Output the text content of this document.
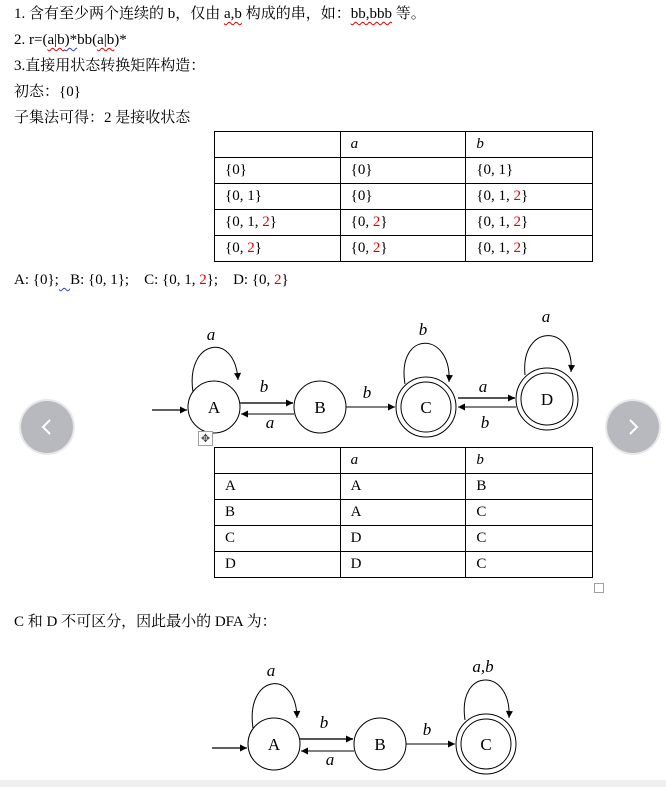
1. 含有至少两个连续的 b，仅由 a,b 构成的串，如：bb,bbb 等。
2. r=(a|b)*bb(a|b)*
3.直接用状态转换矩阵构造：
初态：{0}
子集法可得：2 是接收状态
	a	b
{0}	{0}	{0, 1}
{0, 1}	{0}	{0, 1, 2}
{0, 1, 2}	{0, 2}	{0, 1, 2}
{0, 2}	{0, 2}	{0, 1, 2}
A: {0}; B: {0, 1}; C: {0, 1, 2}; D: {0, 2}
A	B	C	D
a
b
a
b
b
a
b
a
✥
	a	b
A	A	B
B	A	C
C	D	C
D	D	C
C 和 D 不可区分，因此最小的 DFA 为：
A	B	C
a
b
a
b
a,b
